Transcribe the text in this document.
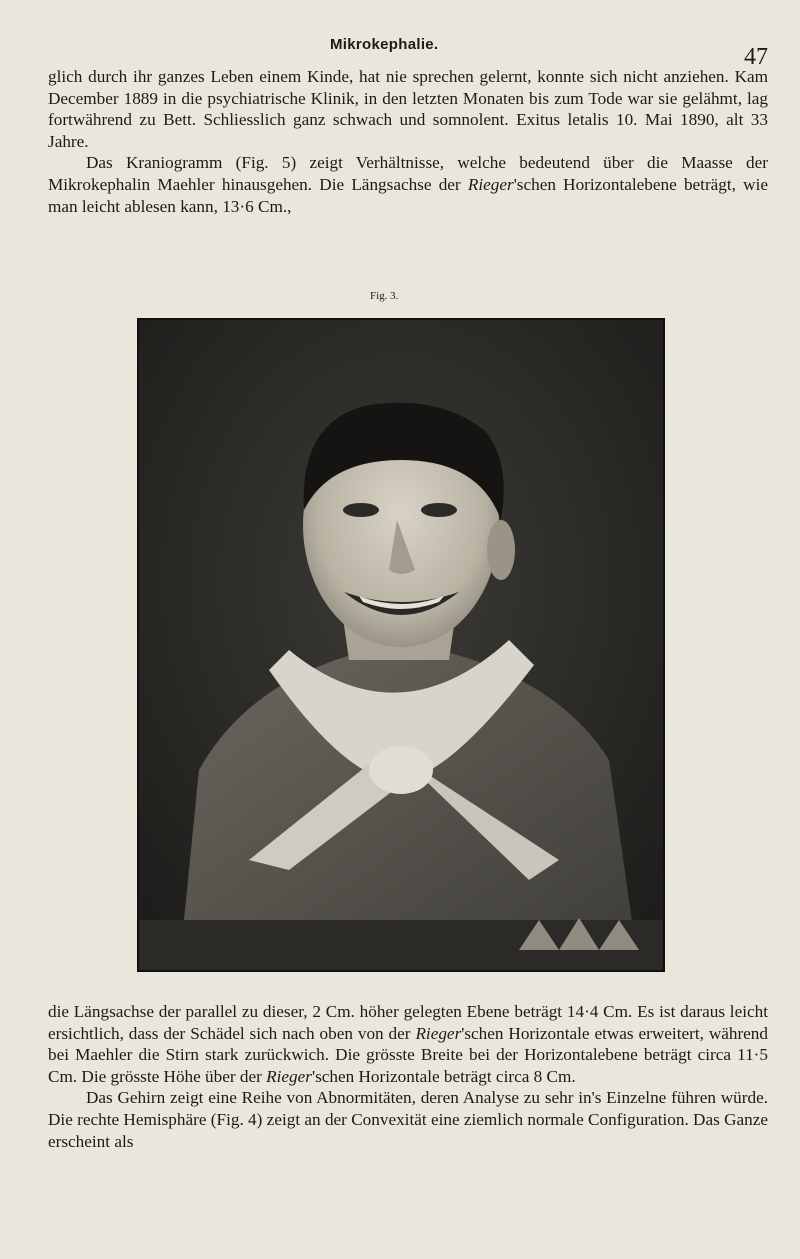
Mikrokephalie.	47

glich durch ihr ganzes Leben einem Kinde, hat nie sprechen gelernt, konnte sich nicht anziehen. Kam December 1889 in die psychiatrische Klinik, in den letzten Monaten bis zum Tode war sie gelähmt, lag fortwährend zu Bett. Schliesslich ganz schwach und somnolent. Exitus letalis 10. Mai 1890, alt 33 Jahre.

Das Kraniogramm (Fig. 5) zeigt Verhältnisse, welche bedeutend über die Maasse der Mikrokephalin Maehler hinausgehen. Die Längsachse der Rieger'schen Horizontalebene beträgt, wie man leicht ablesen kann, 13·6 Cm.,

Fig. 3.

die Längsachse der parallel zu dieser, 2 Cm. höher gelegten Ebene beträgt 14·4 Cm. Es ist daraus leicht ersichtlich, dass der Schädel sich nach oben von der Rieger'schen Horizontale etwas erweitert, während bei Maehler die Stirn stark zurückwich. Die grösste Breite bei der Horizontalebene beträgt circa 11·5 Cm. Die grösste Höhe über der Rieger'schen Horizontale beträgt circa 8 Cm.

Das Gehirn zeigt eine Reihe von Abnormitäten, deren Analyse zu sehr in's Einzelne führen würde. Die rechte Hemisphäre (Fig. 4) zeigt an der Convexität eine ziemlich normale Configuration. Das Ganze erscheint als
